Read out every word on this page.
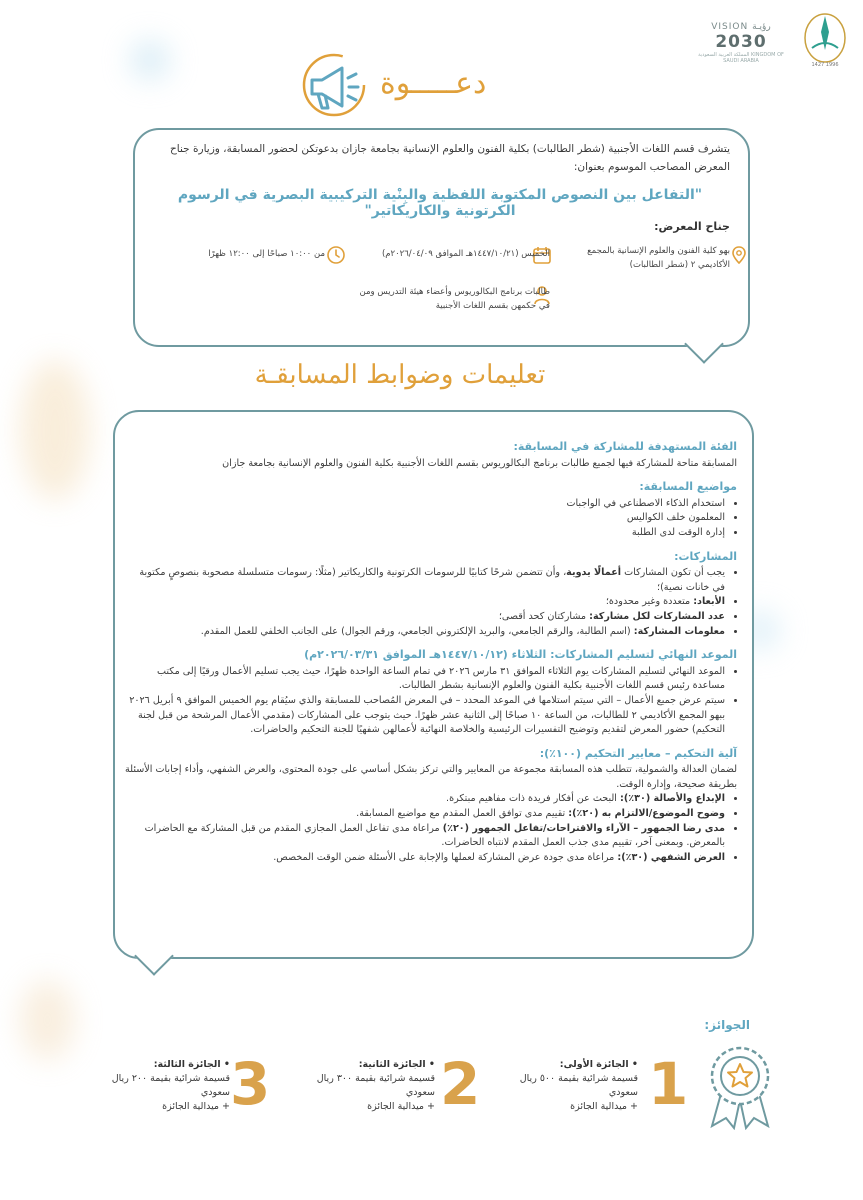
VISION رؤيـة
2030
المملكة العربية السعودية KINGDOM OF SAUDI ARABIA
1427 1996
دعـــــوة
يتشرف قسم اللغات الأجنبية (شطر الطالبات) بكلية الفنون والعلوم الإنسانية بجامعة جازان بدعوتكن لحضور المسابقة، وزيارة جناح المعرض المصاحب الموسوم بعنوان:
"التفاعل بين النصوص المكتوبة اللفظية والبِنْية التركيبية البصرية في الرسوم الكرتونية والكاريكاتير"
جناح المعرض:
بهو كلية الفنون والعلوم الإنسانية بالمجمع الأكاديمي ٢ (شطر الطالبات)
الخميس (١٤٤٧/١٠/٢١هـ الموافق ٢٠٢٦/٠٤/٠٩م)
من ١٠:٠٠ صباحًا إلى ١٢:٠٠ ظهرًا
طالبات برنامج البكالوريوس وأعضاء هيئة التدريس ومن في حكمهن بقسم اللغات الأجنبية
تعليمات وضوابط المسابقـة
الفئة المستهدفة للمشاركة في المسابقة:

المسابقة متاحة للمشاركة فيها لجميع طالبات برنامج البكالوريوس بقسم اللغات الأجنبية بكلية الفنون والعلوم الإنسانية بجامعة جازان

مواضيع المسابقة:
• استخدام الذكاء الاصطناعي في الواجبات
• المعلمون خلف الكواليس
• إدارة الوقت لدى الطلبة
المشاركات:
• يجب أن تكون المشاركات أعمالًا يدوية، وأن تتضمن شرحًا كتابيًا للرسومات الكرتونية والكاريكاتير (مثلًا: رسومات متسلسلة مصحوبة بنصوصٍ مكتوبة في خانات نصية)؛
• الأبعاد: متعددة وغير محدودة؛
• عدد المشاركات لكل مشاركة: مشاركتان كحد أقصى؛
• معلومات المشاركة: (اسم الطالبة، والرقم الجامعي، والبريد الإلكتروني الجامعي، ورقم الجوال) على الجانب الخلفي للعمل المقدم.
الموعد النهائي لتسليم المشاركات: الثلاثاء (١٤٤٧/١٠/١٢هـ الموافق ٢٠٢٦/٠٣/٣١م)
• الموعد النهائي لتسليم المشاركات يوم الثلاثاء الموافق ٣١ مارس ٢٠٢٦ في تمام الساعة الواحدة ظهرًا، حيث يجب تسليم الأعمال ورقيًا إلى مكتب مساعدة رئيس قسم اللغات الأجنبية بكلية الفنون والعلوم الإنسانية بشطر الطالبات.
• سيتم عرض جميع الأعمال – التي سيتم استلامها في الموعد المحدد – في المعرض المُصاحب للمسابقة والذي سيُقام يوم الخميس الموافق ٩ أبريل ٢٠٢٦ ببهو المجمع الأكاديمي ٢ للطالبات، من الساعة ١٠ صباحًا إلى الثانية عشر ظهرًا. حيث يتوجب على المشاركات (مقدمي الأعمال المرشحة من قبل لجنة التحكيم) حضور المعرض لتقديم وتوضيح التفسيرات الرئيسية والخلاصة النهائية لأعمالهن شفهيًا للجنة التحكيم والحاضرات.
آلية التحكيم – معايير التحكيم (١٠٠٪):

لضمان العدالة والشمولية، تتطلب هذه المسابقة مجموعة من المعايير والتي تركز بشكل أساسي على جودة المحتوى، والعرض الشفهي، وأداء إجابات الأسئلة بطريقة صحيحة، وإدارة الوقت.

• الإبداع والأصالة (٣٠٪): البحث عن أفكار فريدة ذات مفاهيم مبتكرة.
• وضوح الموضوع/الالتزام به (٢٠٪): تقييم مدى توافق العمل المقدم مع مواضيع المسابقة.
• مدى رضا الجمهور – الآراء والاقتراحات/تفاعل الجمهور (٢٠٪) مراعاة مدى تفاعل العمل المجازي المقدم من قبل المشاركة مع الحاضرات بالمعرض. وبمعنى آخر، تقييم مدى جذب العمل المقدم لانتباه الحاضرات.
• العرض الشفهي (٣٠٪): مراعاة مدى جودة عرض المشاركة لعملها والإجابة على الأسئلة ضمن الوقت المخصص.
الجوائز:
1
• الجائزة الأولى:
قسيمة شرائية بقيمة ٥٠٠ ريال سعودي
+ ميدالية الجائزة
2
• الجائزة الثانية:
قسيمة شرائية بقيمة ٣٠٠ ريال سعودي
+ ميدالية الجائزة
3
• الجائزة الثالثة:
قسيمة شرائية بقيمة ٢٠٠ ريال سعودي
+ ميدالية الجائزة
